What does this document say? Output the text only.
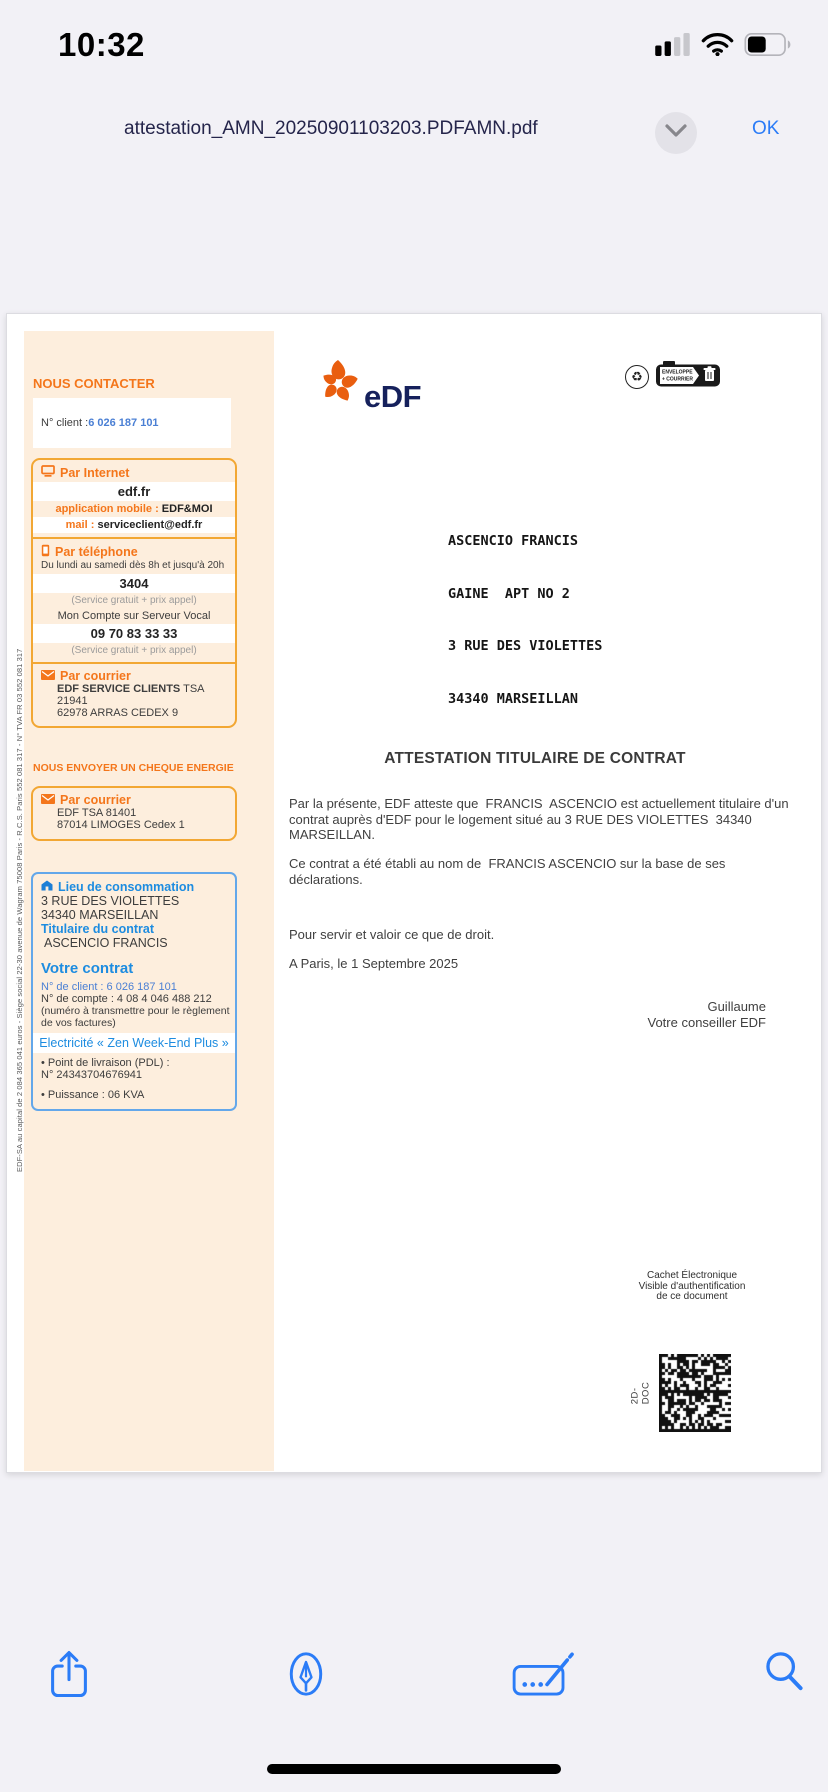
10:32
attestation_AMN_20250901103203.PDFAMN.pdf	OK
EDF-SA au capital de 2 084 365 041 euros - Siège social 22-30 avenue de Wagram 75008 Paris - R.C.S. Paris 552 081 317 - N° TVA FR 03 552 081 317
NOUS CONTACTER
N° client : 6 026 187 101
Par Internet
edf.fr
application mobile : EDF&MOI
mail : serviceclient@edf.fr
Par téléphone
Du lundi au samedi dès 8h et jusqu'à 20h
3404
(Service gratuit + prix appel)
Mon Compte sur Serveur Vocal
09 70 83 33 33
(Service gratuit + prix appel)
Par courrier
EDF SERVICE CLIENTS TSA 21941
62978 ARRAS CEDEX 9
NOUS ENVOYER UN CHEQUE ENERGIE
Par courrier
EDF TSA 81401
87014 LIMOGES Cedex 1
Lieu de consommation
3 RUE DES VIOLETTES
34340 MARSEILLAN
Titulaire du contrat
ASCENCIO FRANCIS
Votre contrat
N° de client : 6 026 187 101
N° de compte : 4 08 4 046 488 212
(numéro à transmettre pour le règlement de vos factures)
Electricité « Zen Week-End Plus »
• Point de livraison (PDL) :
N° 24343704676941
• Puissance : 06 KVA
eDF
♻	ENVELOPPE
+ COURRIER

ASCENCIO FRANCIS

GAINE  APT NO 2

3 RUE DES VIOLETTES

34340 MARSEILLAN

ATTESTATION TITULAIRE DE CONTRAT
Par la présente, EDF atteste que  FRANCIS  ASCENCIO est actuellement titulaire d'un contrat auprès d'EDF pour le logement situé au 3 RUE DES VIOLETTES  34340 MARSEILLAN.
Ce contrat a été établi au nom de  FRANCIS ASCENCIO sur la base de ses déclarations.
Pour servir et valoir ce que de droit.
A Paris, le 1 Septembre 2025
Guillaume
Votre conseiller EDF
Cachet Électronique
Visible d'authentification
de ce document
2D-DOC
